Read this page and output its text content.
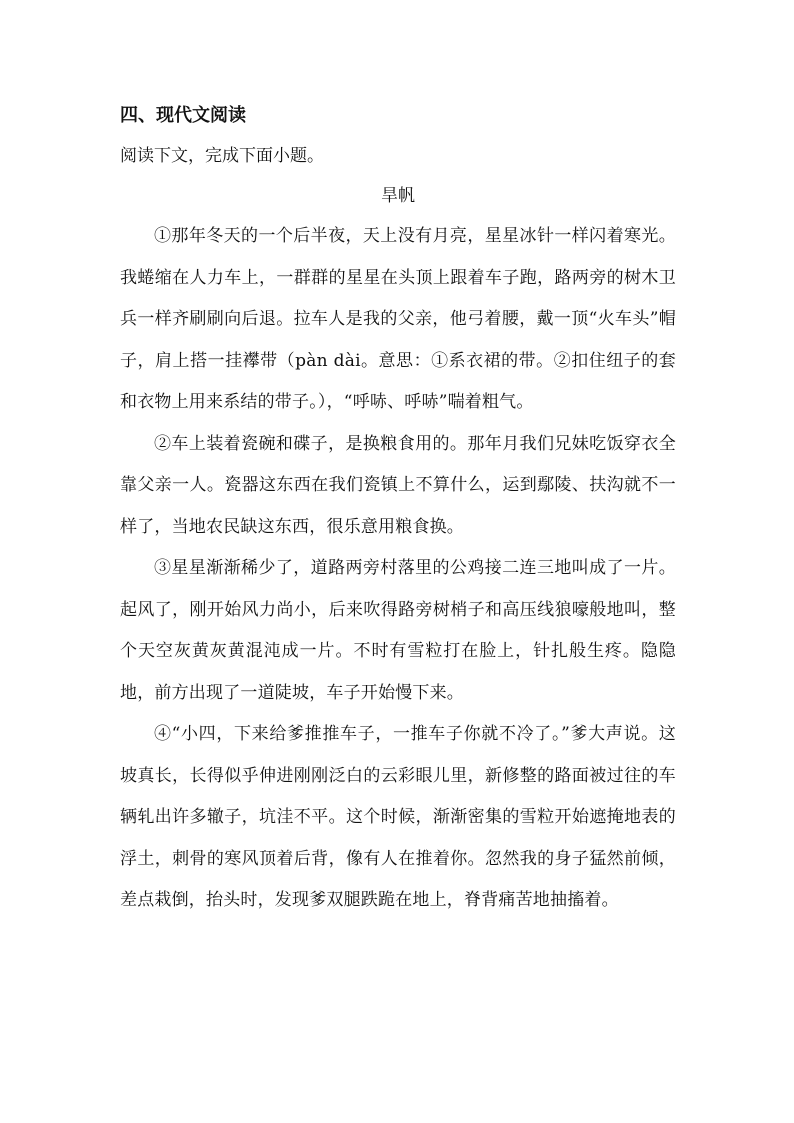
四、现代文阅读

阅读下文，完成下面小题。

旱帆

①那年冬天的一个后半夜，天上没有月亮，星星冰针一样闪着寒光。我蜷缩在人力车上，一群群的星星在头顶上跟着车子跑，路两旁的树木卫兵一样齐刷刷向后退。拉车人是我的父亲，他弓着腰，戴一顶“火车头”帽子，肩上搭一挂襻带（pàn dài。意思：①系衣裙的带。②扣住纽子的套和衣物上用来系结的带子。），“呼哧、呼哧”喘着粗气。

②车上装着瓷碗和碟子，是换粮食用的。那年月我们兄妹吃饭穿衣全靠父亲一人。瓷器这东西在我们瓷镇上不算什么，运到鄢陵、扶沟就不一样了，当地农民缺这东西，很乐意用粮食换。

③星星渐渐稀少了，道路两旁村落里的公鸡接二连三地叫成了一片。起风了，刚开始风力尚小，后来吹得路旁树梢子和高压线狼嚎般地叫，整个天空灰黄灰黄混沌成一片。不时有雪粒打在脸上，针扎般生疼。隐隐地，前方出现了一道陡坡，车子开始慢下来。

④“小四，下来给爹推推车子，一推车子你就不冷了。”爹大声说。这坡真长，长得似乎伸进刚刚泛白的云彩眼儿里，新修整的路面被过往的车辆轧出许多辙子，坑洼不平。这个时候，渐渐密集的雪粒开始遮掩地表的浮土，刺骨的寒风顶着后背，像有人在推着你。忽然我的身子猛然前倾，差点栽倒，抬头时，发现爹双腿跌跪在地上，脊背痛苦地抽搐着。
